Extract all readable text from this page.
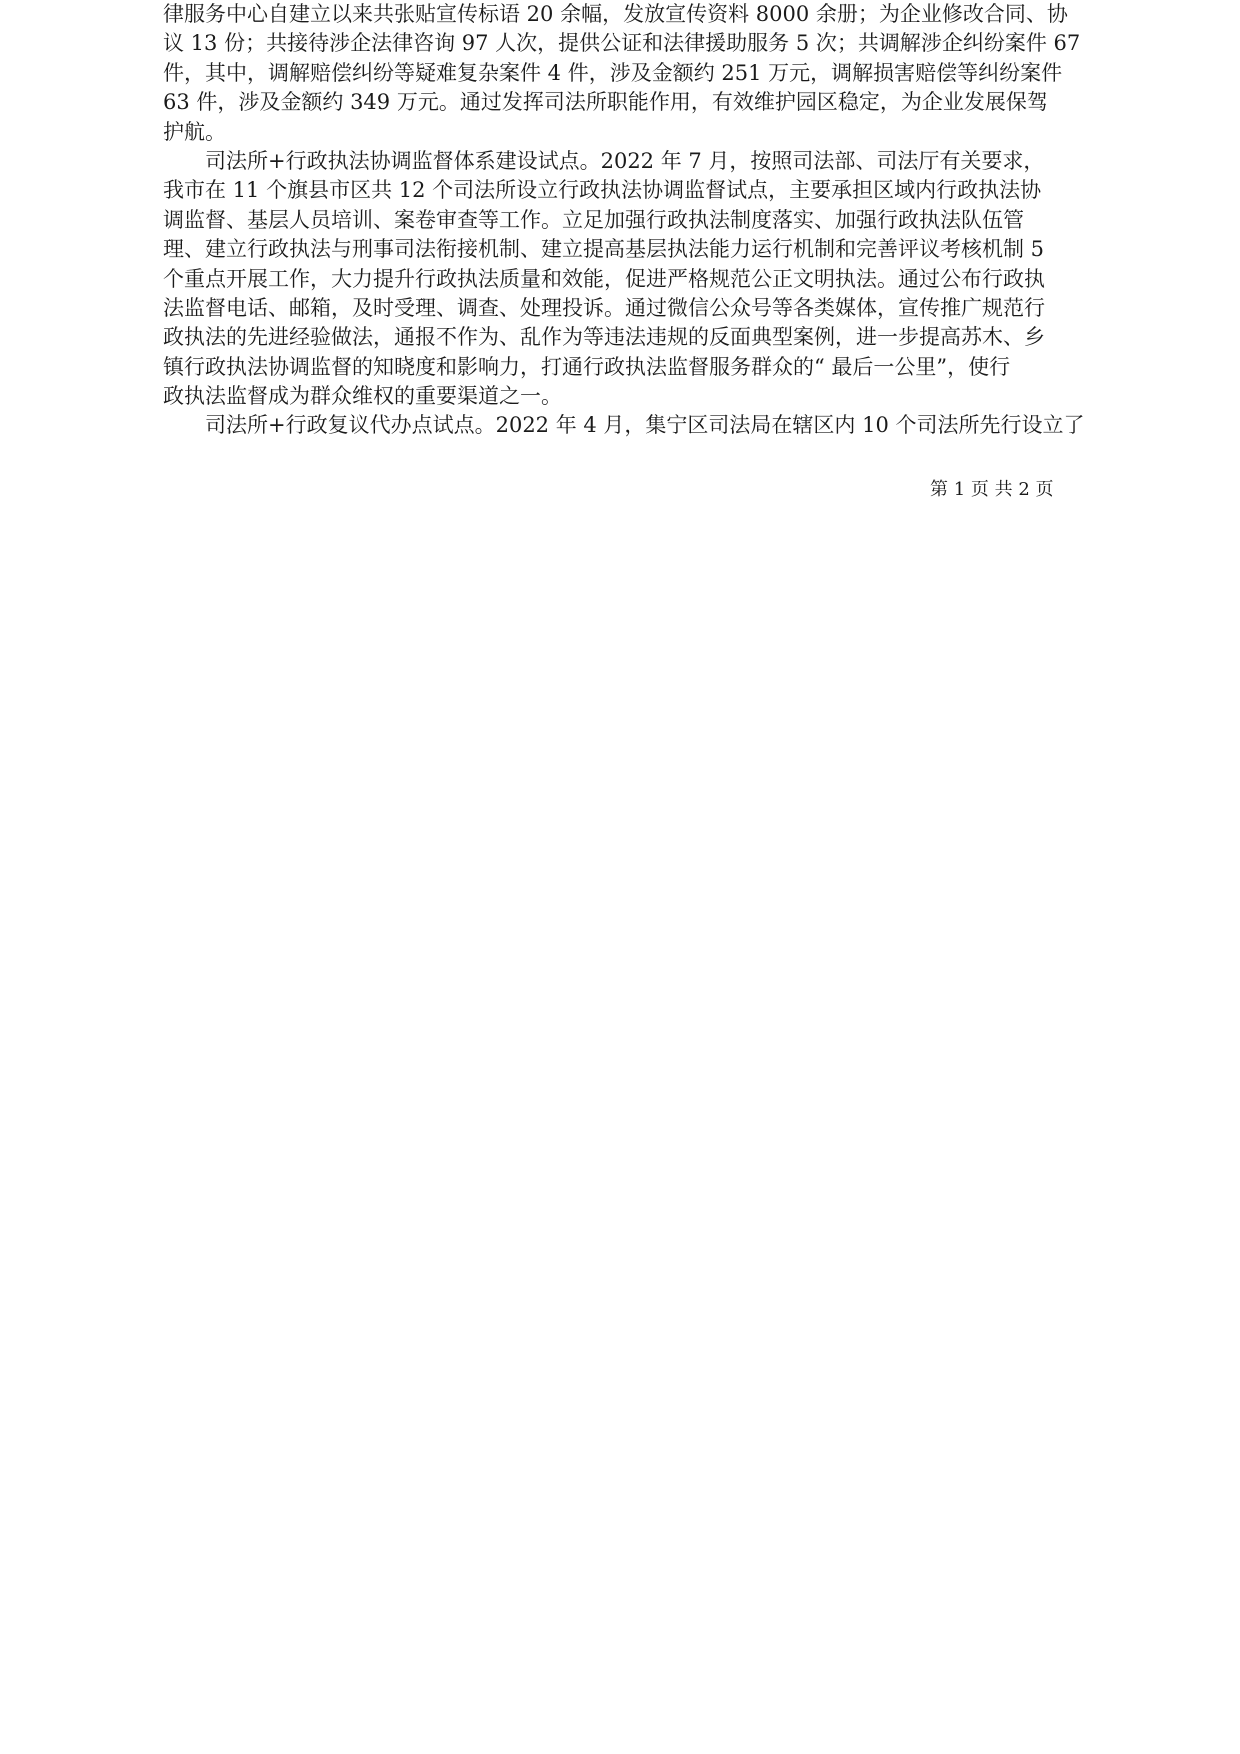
律服务中心自建立以来共张贴宣传标语 20 余幅，发放宣传资料 8000 余册；为企业修改合同、协
议 13 份；共接待涉企法律咨询 97 人次，提供公证和法律援助服务 5 次；共调解涉企纠纷案件 67
件，其中，调解赔偿纠纷等疑难复杂案件 4 件，涉及金额约 251 万元，调解损害赔偿等纠纷案件
63 件，涉及金额约 349 万元。通过发挥司法所职能作用，有效维护园区稳定，为企业发展保驾
护航。
司法所+行政执法协调监督体系建设试点。2022 年 7 月，按照司法部、司法厅有关要求，
我市在 11 个旗县市区共 12 个司法所设立行政执法协调监督试点，主要承担区域内行政执法协
调监督、基层人员培训、案卷审查等工作。立足加强行政执法制度落实、加强行政执法队伍管
理、建立行政执法与刑事司法衔接机制、建立提高基层执法能力运行机制和完善评议考核机制 5
个重点开展工作，大力提升行政执法质量和效能，促进严格规范公正文明执法。通过公布行政执
法监督电话、邮箱，及时受理、调查、处理投诉。通过微信公众号等各类媒体，宣传推广规范行
政执法的先进经验做法，通报不作为、乱作为等违法违规的反面典型案例，进一步提高苏木、乡
镇行政执法协调监督的知晓度和影响力，打通行政执法监督服务群众的“ 最后一公里”，使行
政执法监督成为群众维权的重要渠道之一。
司法所+行政复议代办点试点。2022 年 4 月，集宁区司法局在辖区内 10 个司法所先行设立了
第 1 页 共 2 页
